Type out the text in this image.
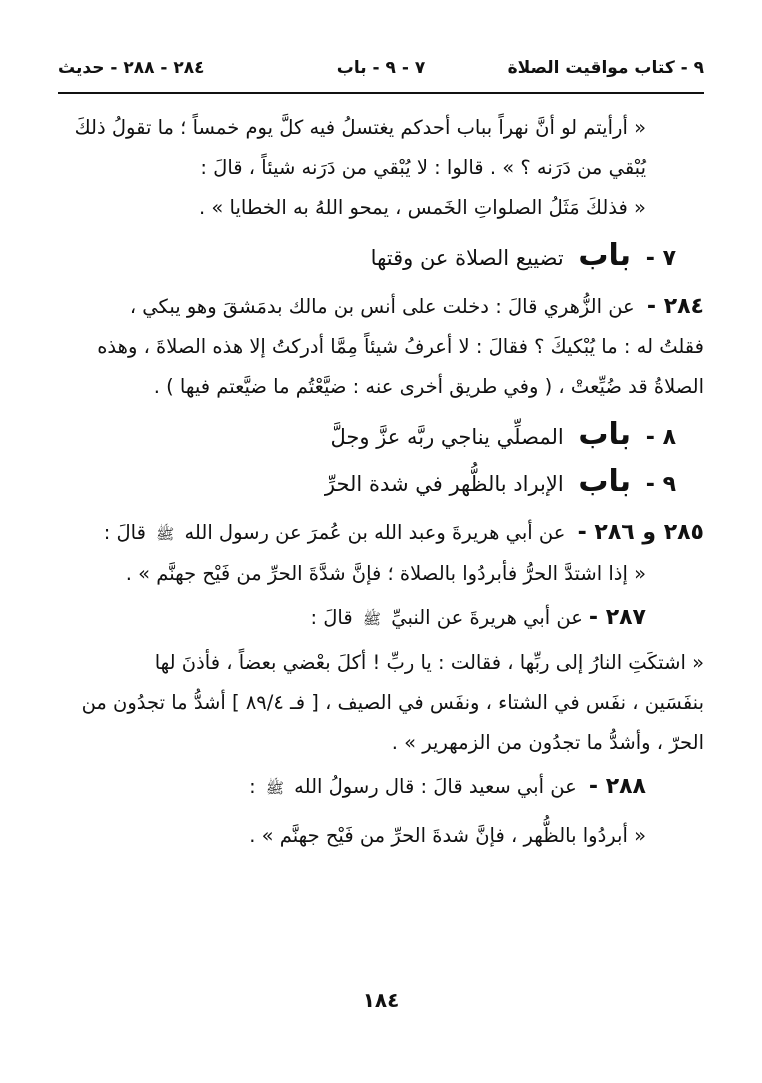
٩ - كتاب مواقيت الصلاة
٧ - ٩ - باب
٢٨٤ - ٢٨٨ - حديث

« أرأيتم لو أنَّ نهراً بباب أحدكم يغتسلُ فيه كلَّ يوم خمساً ؛ ما تقولُ ذلكَ
يُبْقي من دَرَنه ؟ » . قالوا : لا يُبْقي من دَرَنه شيئاً ، قالَ :

« فذلكَ مَثَلُ الصلواتِ الخَمس ، يمحو اللهُ به الخطايا » .

٧ - باب تضييع الصلاة عن وقتها

٢٨٤ - عن الزُّهري قالَ : دخلت على أنس بن مالك بدمَشقَ وهو يبكي ،
فقلتُ له : ما يُبْكيكَ ؟ فقالَ : لا أعرفُ شيئاً مِمَّا أدركتُ إلا هذه الصلاةَ ، وهذه
الصلاةُ قد ضُيِّعتْ ، ( وفي طريق أخرى عنه : ضيَّعْتُم ما ضيَّعتم فيها ) .

٨ - باب المصلِّي يناجي ربَّه عزَّ وجلَّ
٩ - باب الإبراد بالظُّهر في شدة الحرِّ

٢٨٥ و ٢٨٦ - عن أبي هريرةَ وعبد الله بن عُمرَ عن رسول الله ﷺ قالَ :
« إذا اشتدَّ الحرُّ فأبردُوا بالصلاة ؛ فإنَّ شدَّةَ الحرِّ من فَيْح جهنَّم » .

٢٨٧ -عن أبي هريرةَ عن النبيِّ ﷺ قالَ :

« اشتكَتِ النارُ إلى ربِّها ، فقالت : يا ربِّ ! أكلَ بعْضي بعضاً ، فأذنَ لها
بنفَسَين ، نفَس في الشتاء ، ونفَس في الصيف ، [ فـ ٨٩/٤ ] أشدُّ ما تجدُون من
الحرّ ، وأشدُّ ما تجدُون من الزمهرير » .

٢٨٨ - عن أبي سعيد قالَ : قال رسولُ الله ﷺ :
« أبردُوا بالظُّهر ، فإنَّ شدةَ الحرِّ من فَيْح جهنَّم » .

١٨٤
